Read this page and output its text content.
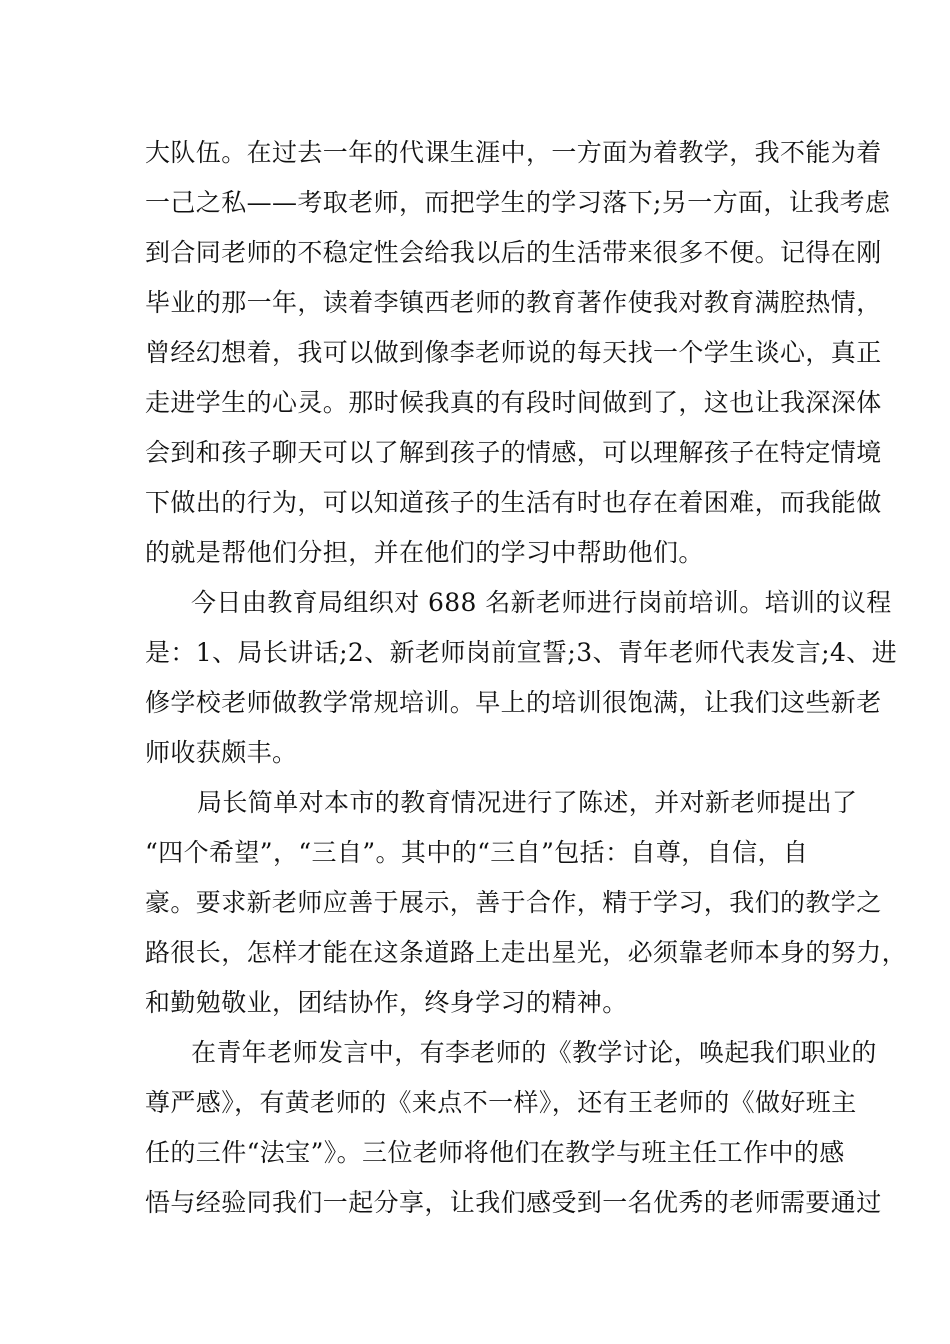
大队伍。在过去一年的代课生涯中，一方面为着教学，我不能为着
一己之私——考取老师，而把学生的学习落下;另一方面，让我考虑
到合同老师的不稳定性会给我以后的生活带来很多不便。记得在刚
毕业的那一年，读着李镇西老师的教育著作使我对教育满腔热情，
曾经幻想着，我可以做到像李老师说的每天找一个学生谈心，真正
走进学生的心灵。那时候我真的有段时间做到了，这也让我深深体
会到和孩子聊天可以了解到孩子的情感，可以理解孩子在特定情境
下做出的行为，可以知道孩子的生活有时也存在着困难，而我能做
的就是帮他们分担，并在他们的学习中帮助他们。
今日由教育局组织对 688 名新老师进行岗前培训。培训的议程
是：1、局长讲话;2、新老师岗前宣誓;3、青年老师代表发言;4、进
修学校老师做教学常规培训。早上的培训很饱满，让我们这些新老
师收获颇丰。
局长简单对本市的教育情况进行了陈述，并对新老师提出了
“四个希望”，“三自”。其中的“三自”包括：自尊，自信，自
豪。要求新老师应善于展示，善于合作，精于学习，我们的教学之
路很长，怎样才能在这条道路上走出星光，必须靠老师本身的努力，
和勤勉敬业，团结协作，终身学习的精神。
在青年老师发言中，有李老师的《教学讨论，唤起我们职业的
尊严感》，有黄老师的《来点不一样》，还有王老师的《做好班主
任的三件“法宝”》。三位老师将他们在教学与班主任工作中的感
悟与经验同我们一起分享，让我们感受到一名优秀的老师需要通过
